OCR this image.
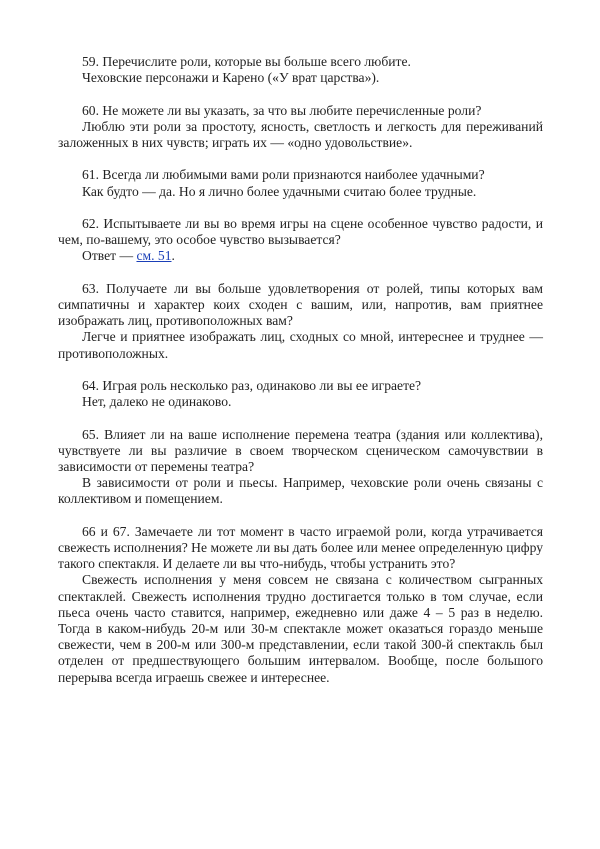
59. Перечислите роли, которые вы больше всего любите.

Чеховские персонажи и Карено («У врат царства»).

60. Не можете ли вы указать, за что вы любите перечисленные роли?

Люблю эти роли за простоту, ясность, светлость и легкость для переживаний заложенных в них чувств; играть их — «одно удовольствие».

61. Всегда ли любимыми вами роли признаются наиболее удачными?

Как будто — да. Но я лично более удачными считаю более трудные.

62. Испытываете ли вы во время игры на сцене особенное чувство радости, и чем, по-вашему, это особое чувство вызывается?

Ответ — см. 51.

63. Получаете ли вы больше удовлетворения от ролей, типы которых вам симпатичны и характер коих сходен с вашим, или, напротив, вам приятнее изображать лиц, противоположных вам?

Легче и приятнее изображать лиц, сходных со мной, интереснее и труднее — противоположных.

64. Играя роль несколько раз, одинаково ли вы ее играете?

Нет, далеко не одинаково.

65. Влияет ли на ваше исполнение перемена театра (здания или коллектива), чувствуете ли вы различие в своем творческом сценическом самочувствии в зависимости от перемены театра?

В зависимости от роли и пьесы. Например, чеховские роли очень связаны с коллективом и помещением.

66 и 67. Замечаете ли тот момент в часто играемой роли, когда утрачивается свежесть исполнения? Не можете ли вы дать более или менее определенную цифру такого спектакля. И делаете ли вы что-нибудь, чтобы устранить это?

Свежесть исполнения у меня совсем не связана с количеством сыгранных спектаклей. Свежесть исполнения трудно достигается только в том случае, если пьеса очень часто ставится, например, ежедневно или даже 4 – 5 раз в неделю. Тогда в каком-нибудь 20-м или 30-м спектакле может оказаться гораздо меньше свежести, чем в 200-м или 300-м представлении, если такой 300-й спектакль был отделен от предшествующего большим интервалом. Вообще, после большого перерыва всегда играешь свежее и интереснее.
